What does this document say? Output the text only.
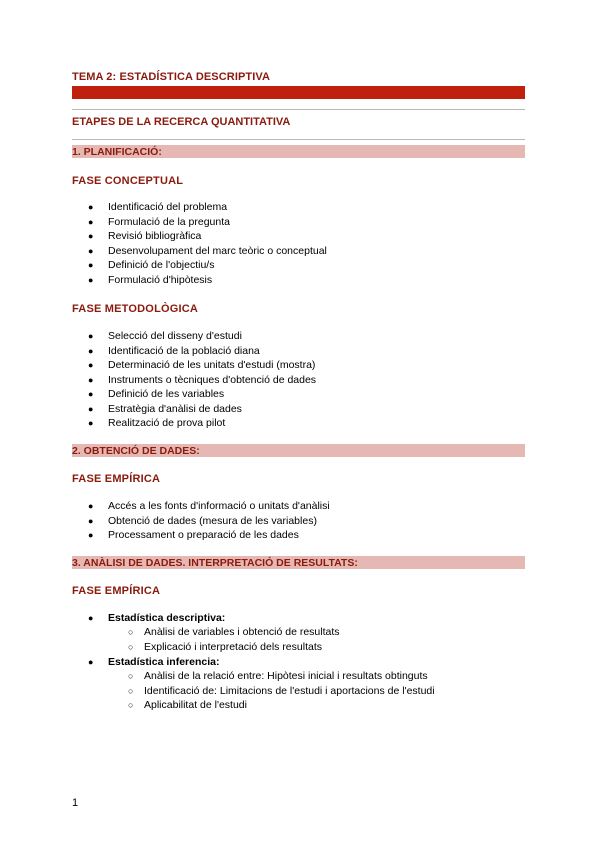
TEMA 2: ESTADÍSTICA DESCRIPTIVA
ETAPES DE LA RECERCA QUANTITATIVA
1. PLANIFICACIÓ:
FASE CONCEPTUAL
● Identificació del problema
● Formulació de la pregunta
● Revisió bibliogràfica
● Desenvolupament del marc teòric o conceptual
● Definició de l'objectiu/s
● Formulació d'hipòtesis
FASE METODOLÒGICA
● Selecció del disseny d'estudi
● Identificació de la població diana
● Determinació de les unitats d'estudi (mostra)
● Instruments o tècniques d'obtenció de dades
● Definició de les variables
● Estratègia d'anàlisi de dades
● Realització de prova pilot
2. OBTENCIÓ DE DADES:
FASE EMPÍRICA
● Accés a les fonts d'informació o unitats d'anàlisi
● Obtenció de dades (mesura de les variables)
● Processament o preparació de les dades
3. ANÀLISI DE DADES. INTERPRETACIÓ DE RESULTATS:
FASE EMPÍRICA
● Estadística descriptiva:
○ Anàlisi de variables i obtenció de resultats
○ Explicació i interpretació dels resultats
● Estadística inferencia:
○ Anàlisi de la relació entre: Hipòtesi inicial i resultats obtinguts
○ Identificació de: Limitacions de l'estudi i aportacions de l'estudi
○ Aplicabilitat de l'estudi
1
